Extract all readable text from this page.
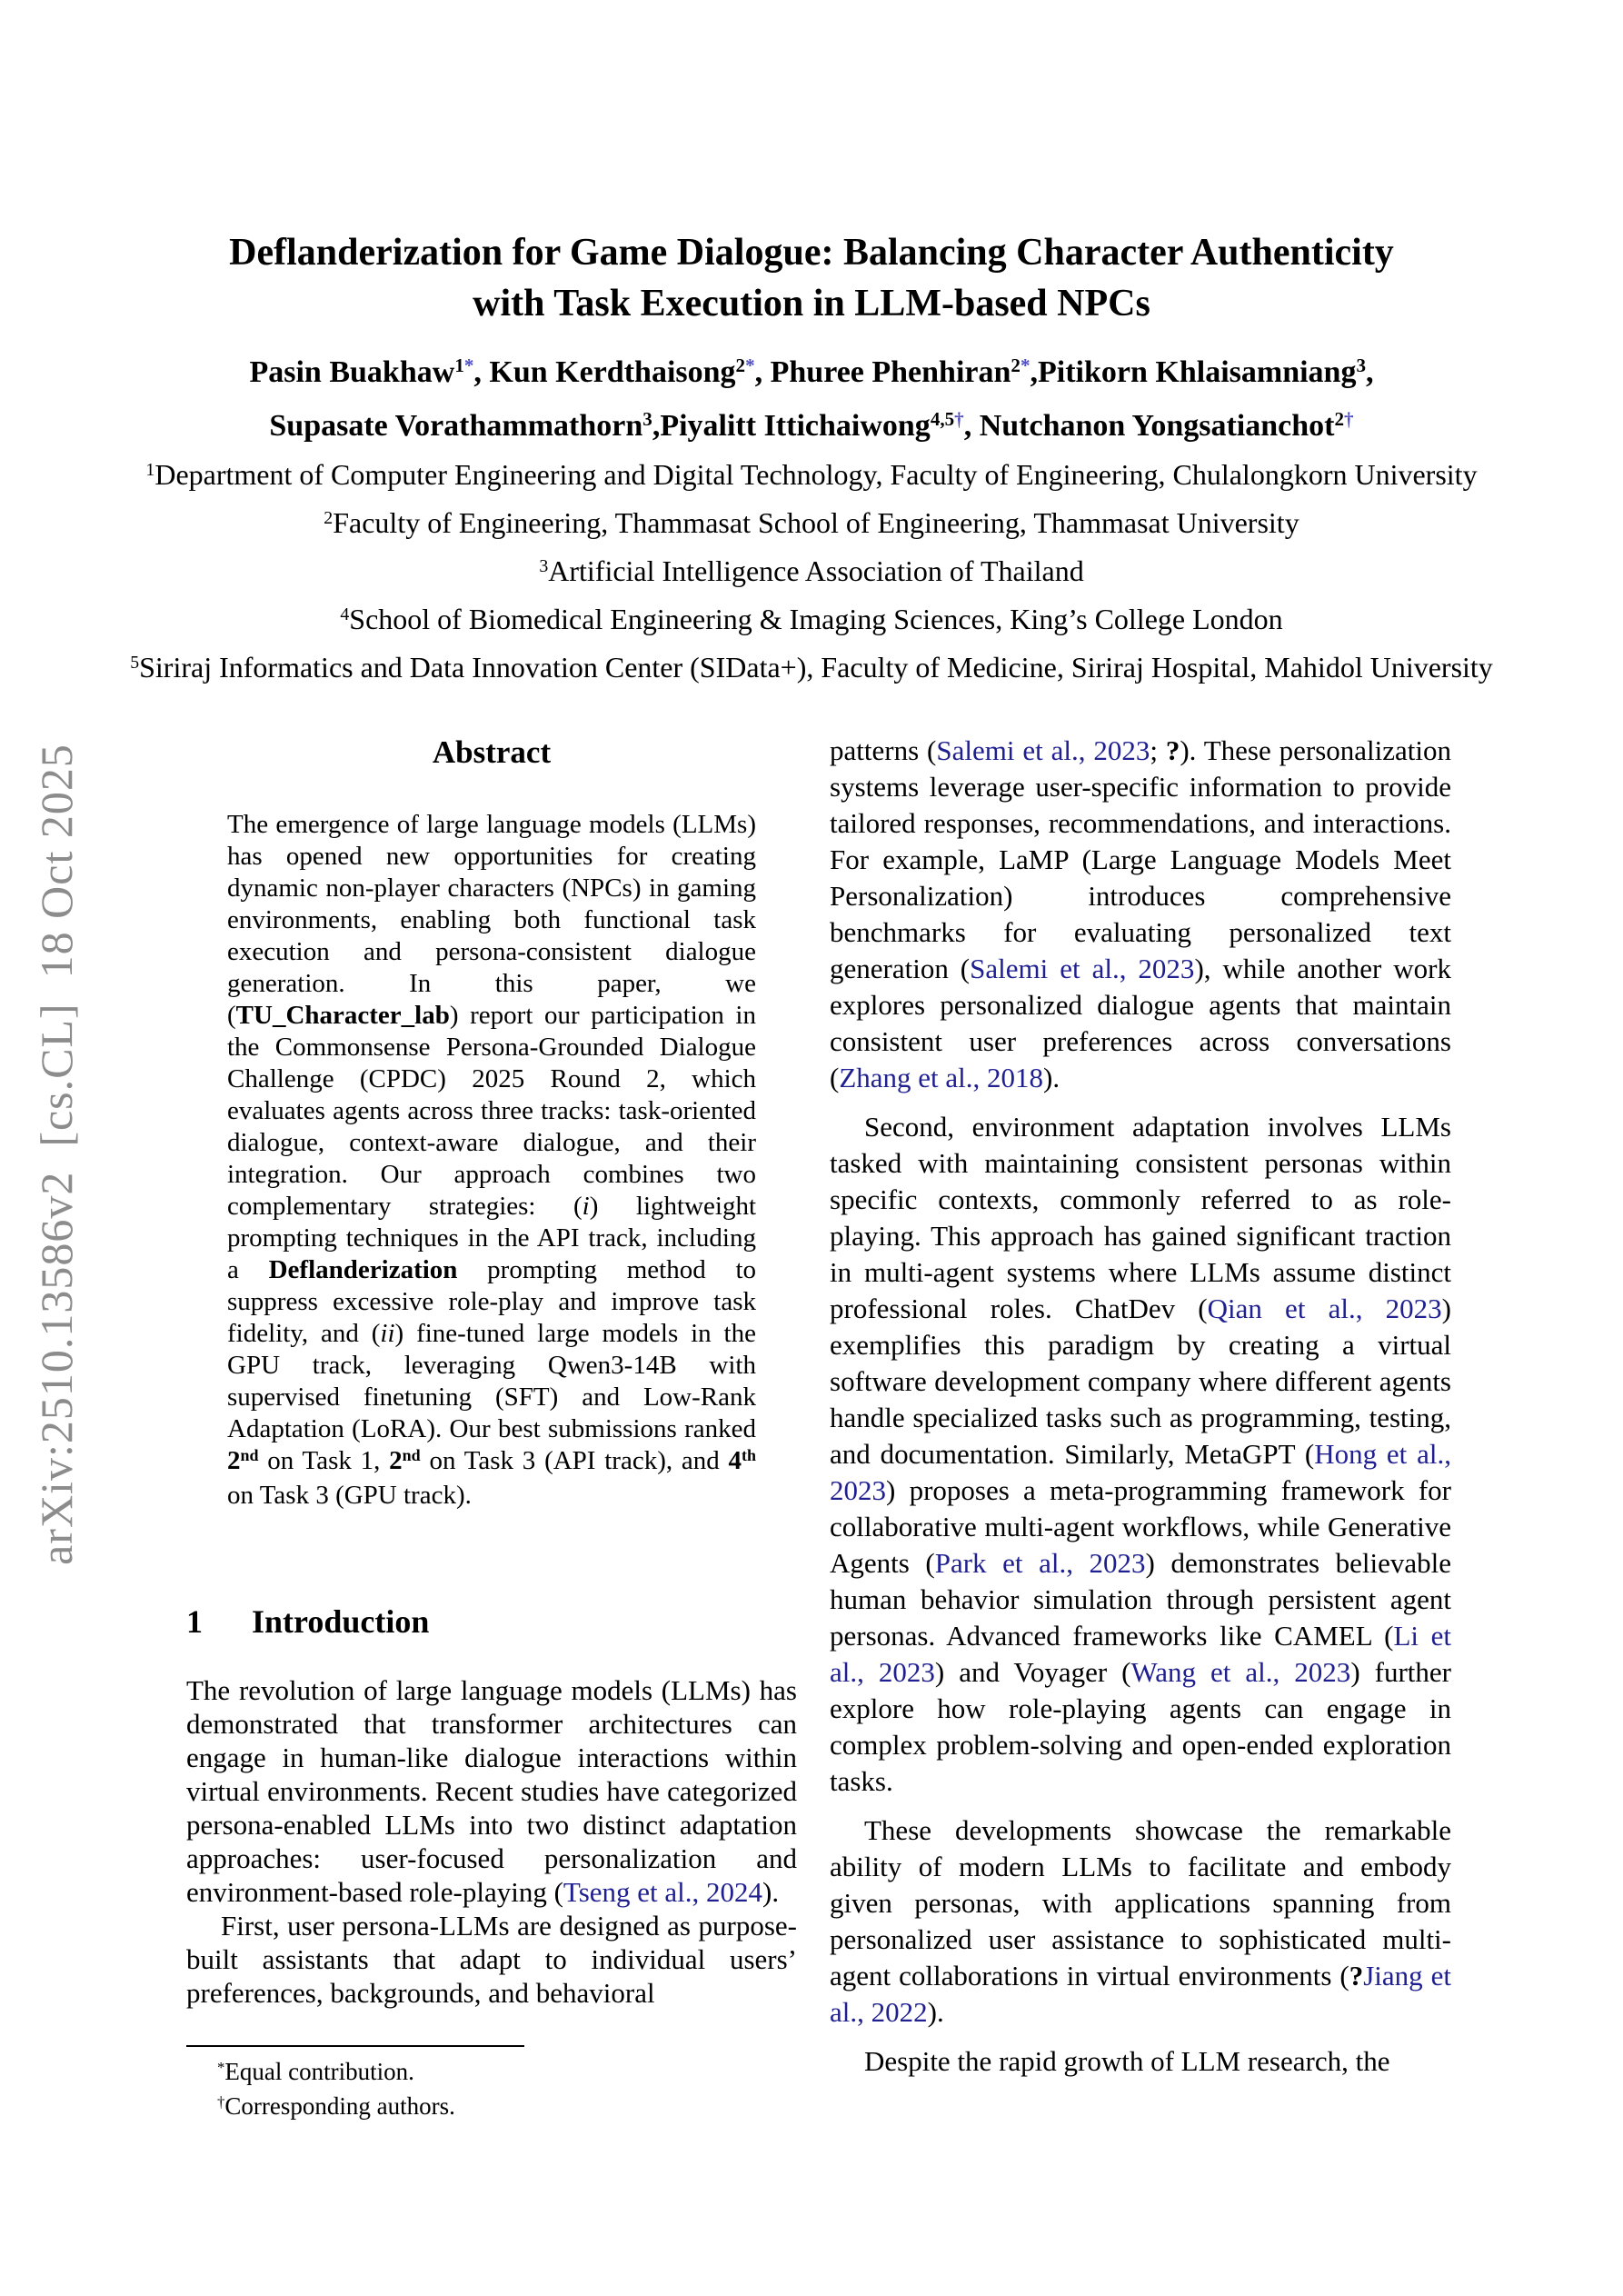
arXiv:2510.13586v2  [cs.CL]  18 Oct 2025
Deflanderization for Game Dialogue: Balancing Character Authenticity
with Task Execution in LLM-based NPCs
Pasin Buakhaw$^{1*}$, Kun Kerdthaisong$^{2*}$, Phuree Phenhiran$^{2*}$,Pitikorn Khlaisamniang$^3$,
Supasate Vorathammathorn$^3$,Piyalitt Ittichaiwong$^{4,5\dagger}$, Nutchanon Yongsatianchot$^{2\dagger}$
$^1$Department of Computer Engineering and Digital Technology, Faculty of Engineering, Chulalongkorn University
$^2$Faculty of Engineering, Thammasat School of Engineering, Thammasat University
$^3$Artificial Intelligence Association of Thailand
$^4$School of Biomedical Engineering & Imaging Sciences, King’s College London
$^5$Siriraj Informatics and Data Innovation Center (SIData+), Faculty of Medicine, Siriraj Hospital, Mahidol University
Abstract
The emergence of large language models (LLMs) has opened new opportunities for creating dynamic non-player characters (NPCs) in gaming environments, enabling both functional task execution and persona-consistent dialogue generation. In this paper, we (TU_Character_lab) report our participation in the Commonsense Persona-Grounded Dialogue Challenge (CPDC) 2025 Round 2, which evaluates agents across three tracks: task-oriented dialogue, context-aware dialogue, and their integration. Our approach combines two complementary strategies: (i) lightweight prompting techniques in the API track, including a Deflanderization prompting method to suppress excessive role-play and improve task fidelity, and (ii) fine-tuned large models in the GPU track, leveraging Qwen3-14B with supervised finetuning (SFT) and Low-Rank Adaptation (LoRA). Our best submissions ranked 2nd on Task 1, 2nd on Task 3 (API track), and 4th on Task 3 (GPU track).
1 Introduction

The revolution of large language models (LLMs) has demonstrated that transformer architectures can engage in human-like dialogue interactions within virtual environments. Recent studies have categorized persona-enabled LLMs into two distinct adaptation approaches: user-focused personalization and environment-based role-playing (Tseng et al., 2024).

First, user persona-LLMs are designed as purpose-built assistants that adapt to individual users’ preferences, backgrounds, and behavioral

*Equal contribution.
†Corresponding authors.

patterns (Salemi et al., 2023; ?). These personalization systems leverage user-specific information to provide tailored responses, recommendations, and interactions. For example, LaMP (Large Language Models Meet Personalization) introduces comprehensive benchmarks for evaluating personalized text generation (Salemi et al., 2023), while another work explores personalized dialogue agents that maintain consistent user preferences across conversations (Zhang et al., 2018).

Second, environment adaptation involves LLMs tasked with maintaining consistent personas within specific contexts, commonly referred to as role-playing. This approach has gained significant traction in multi-agent systems where LLMs assume distinct professional roles. ChatDev (Qian et al., 2023) exemplifies this paradigm by creating a virtual software development company where different agents handle specialized tasks such as programming, testing, and documentation. Similarly, MetaGPT (Hong et al., 2023) proposes a meta-programming framework for collaborative multi-agent workflows, while Generative Agents (Park et al., 2023) demonstrates believable human behavior simulation through persistent agent personas. Advanced frameworks like CAMEL (Li et al., 2023) and Voyager (Wang et al., 2023) further explore how role-playing agents can engage in complex problem-solving and open-ended exploration tasks.

These developments showcase the remarkable ability of modern LLMs to facilitate and embody given personas, with applications spanning from personalized user assistance to sophisticated multi-agent collaborations in virtual environments (?Jiang et al., 2022).

Despite the rapid growth of LLM research, the
